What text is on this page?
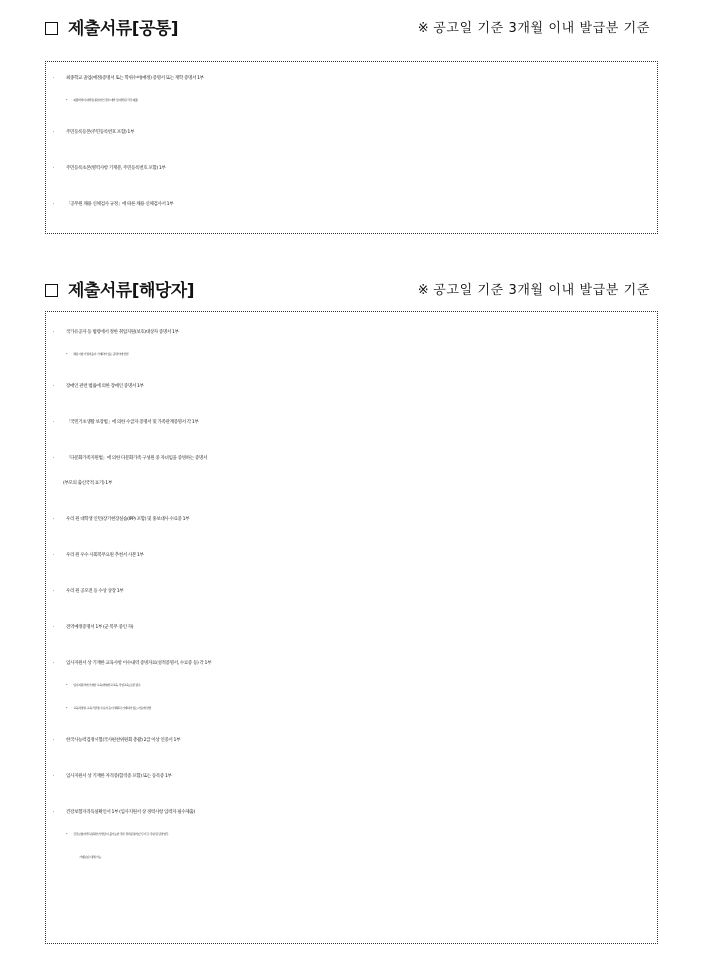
제출서류[공통]	※ 공고일 기준 3개월 이내 발급분 기준
·	최종학교 졸업(예정)증명서 또는 학위수여(예정) 증명서 또는 재학 증명서 1부
* 최종학력이 대학원 졸업자인 경우 대학 및 대학원 각각 제출
·	주민등록등본(주민등록번호 포함) 1부
·	주민등록초본(병역사항 기재분, 주민등록번호 포함) 1부
·	「공무원 채용 신체검사 규정」에 따른 채용 신체검사서 1부
제출서류[해당자]	※ 공고일 기준 3개월 이내 발급분 기준
·	국가유공자 등 법령에서 정한 취업지원(보호)대상자 증명서 1부
* 채용시험 가점비율이 기재되어 있는 증명서에 한함
·	장애인 관련 법률에 의한 장애인 증명서 1부
·	「국민기초생활 보장법」에 의한 수급자 증명서 및 가족관계증명서 각 1부
·	「다문화가족지원법」에 의한 다문화가족 구성원 중 자녀임을 증빙하는 증명서
(부모의 출신국적 표기) 1부
·	우리 원 대학생 인턴(장기현장실습(IPP) 포함) 및 홍보대사 수료증 1부
·	우리 원 우수 사회복무요원 추천서 사본 1부
·	우리 원 공모전 등 수상 상장 1부
·	전역예정증명서 1부 (군 복무 중인 자)
·	입사지원서 상 기재한 교육사항 이수내역 증빙자료(성적증명서, 수료증 등) 각 1부
* 입사지원서에 기재한 교육내역(학교교육, 직업교육) 포함 필수
* 교육과정명, 교육기관명, 수료자 등이 명확히 기재되어 있는 자료에 한함
·	한국사능력검정시험(국사편찬위원회 총괄) 2급 이상 인증서 1부
·	입사지원서 상 기재한 자격증(합격증 포함) 또는 등록증 1부
·	건강보험자격득실확인서 1부 (입사지원서 상 경력사항 입력자 필수제출)
* 건강보험자격득실확인서 발급이 불가능한 경우 경력증명서(근무기간, 직위 및 담당업무
기재분)로 대체 가능
